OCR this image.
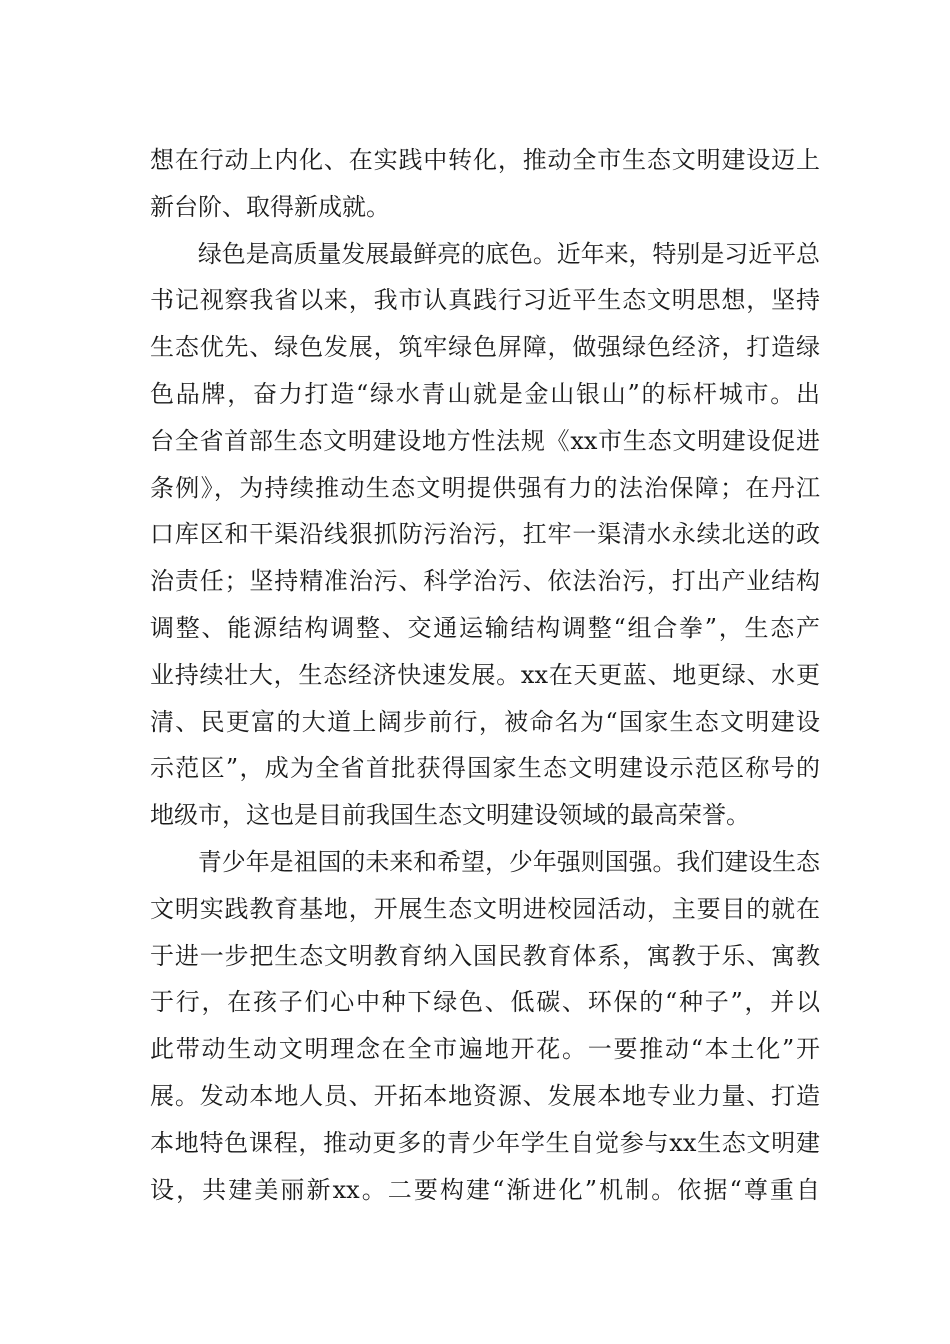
想在行动上内化、在实践中转化，推动全市生态文明建设迈上
新台阶、取得新成就。
　　绿色是高质量发展最鲜亮的底色。近年来，特别是习近平总
书记视察我省以来，我市认真践行习近平生态文明思想，坚持
生态优先、绿色发展，筑牢绿色屏障，做强绿色经济，打造绿
色品牌，奋力打造“绿水青山就是金山银山”的标杆城市。出
台全省首部生态文明建设地方性法规《xx市生态文明建设促进
条例》，为持续推动生态文明提供强有力的法治保障；在丹江
口库区和干渠沿线狠抓防污治污，扛牢一渠清水永续北送的政
治责任；坚持精准治污、科学治污、依法治污，打出产业结构
调整、能源结构调整、交通运输结构调整“组合拳”，生态产
业持续壮大，生态经济快速发展。xx在天更蓝、地更绿、水更
清、民更富的大道上阔步前行，被命名为“国家生态文明建设
示范区”，成为全省首批获得国家生态文明建设示范区称号的
地级市，这也是目前我国生态文明建设领域的最高荣誉。
　　青少年是祖国的未来和希望，少年强则国强。我们建设生态
文明实践教育基地，开展生态文明进校园活动，主要目的就在
于进一步把生态文明教育纳入国民教育体系，寓教于乐、寓教
于行，在孩子们心中种下绿色、低碳、环保的“种子”，并以
此带动生动文明理念在全市遍地开花。一要推动“本土化”开
展。发动本地人员、开拓本地资源、发展本地专业力量、打造
本地特色课程，推动更多的青少年学生自觉参与xx生态文明建
设，共建美丽新xx。二要构建“渐进化”机制。依据“尊重自
